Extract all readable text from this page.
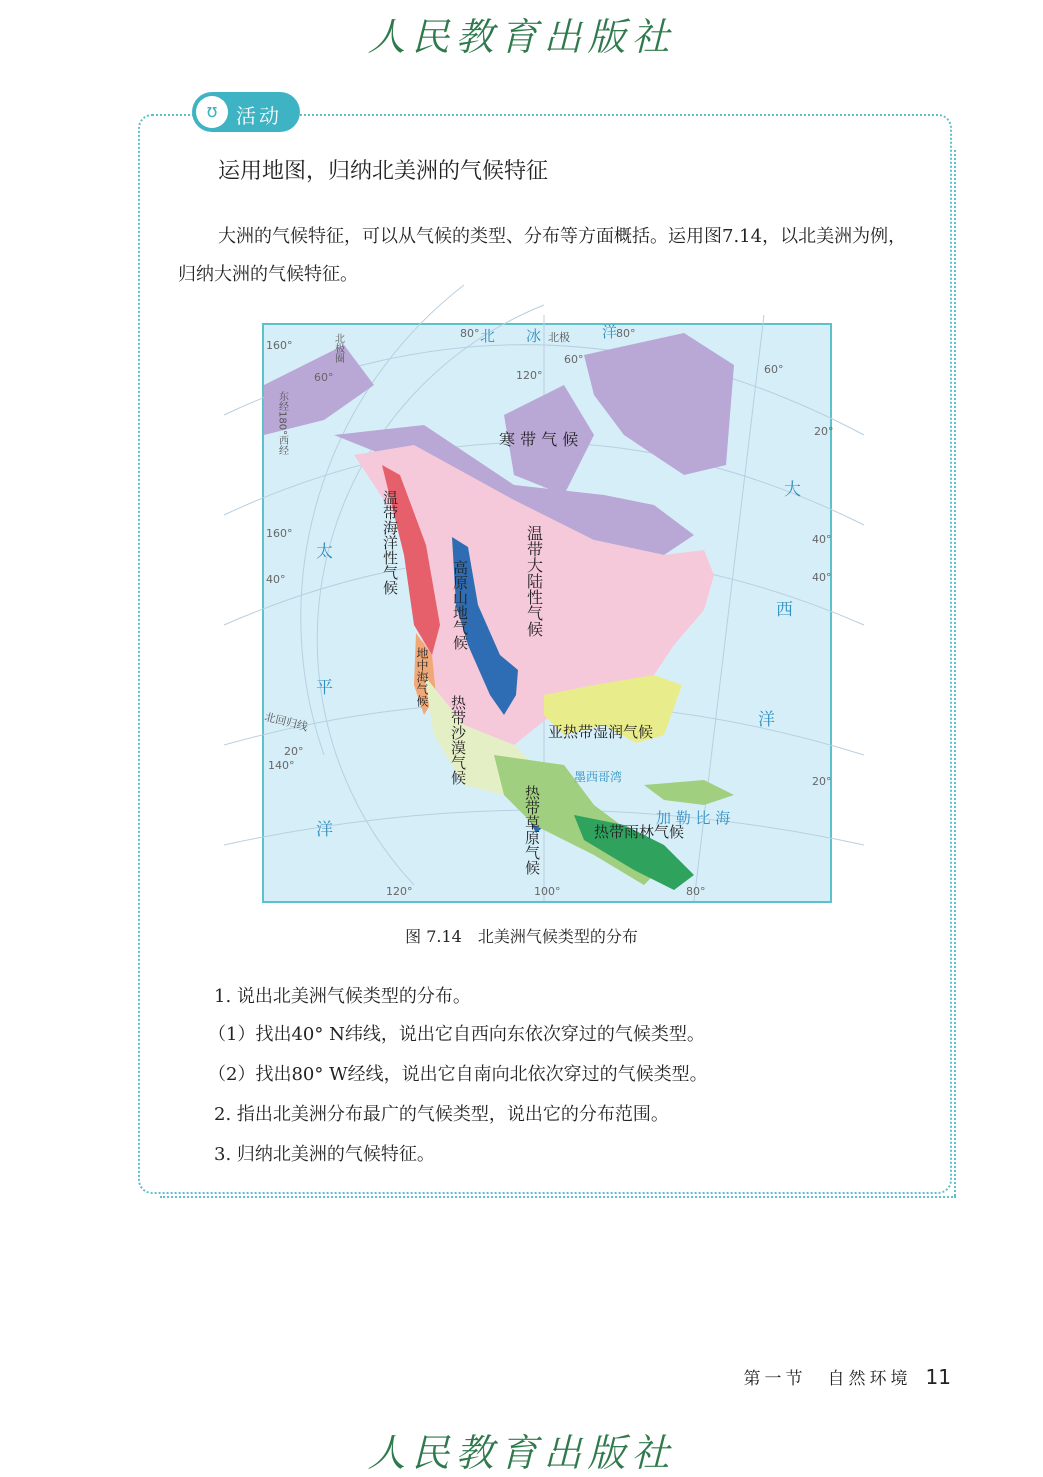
人民教育出版社
ʊ 活动
运用地图，归纳北美洲的气候特征
大洲的气候特征，可以从气候的类型、分布等方面概括。运用图7.14，以北美洲为例，归纳大洲的气候特征。
寒 带 气 候
温带大陆性气候
温带海洋性气候
高原山地气候
地中海气候
热带沙漠气候	亚热带湿润气候
热带草原气候	热带雨林气候
太
平
洋
大
西
洋
北 冰	洋
墨西哥湾
加 勒 比 海
北极
北回归线
北极圈
东经180°西经
80°	80°
160°
60°
60°
120°	60°
20°
160°
40°
40°
40°
20°
140°
20°
120°	100°	80°
图 7.14　北美洲气候类型的分布
1. 说出北美洲气候类型的分布。
（1）找出40° N纬线，说出它自西向东依次穿过的气候类型。
（2）找出80° W经线，说出它自南向北依次穿过的气候类型。
2. 指出北美洲分布最广的气候类型，说出它的分布范围。
3. 归纳北美洲的气候特征。
第一节　自然环境 11
人民教育出版社
